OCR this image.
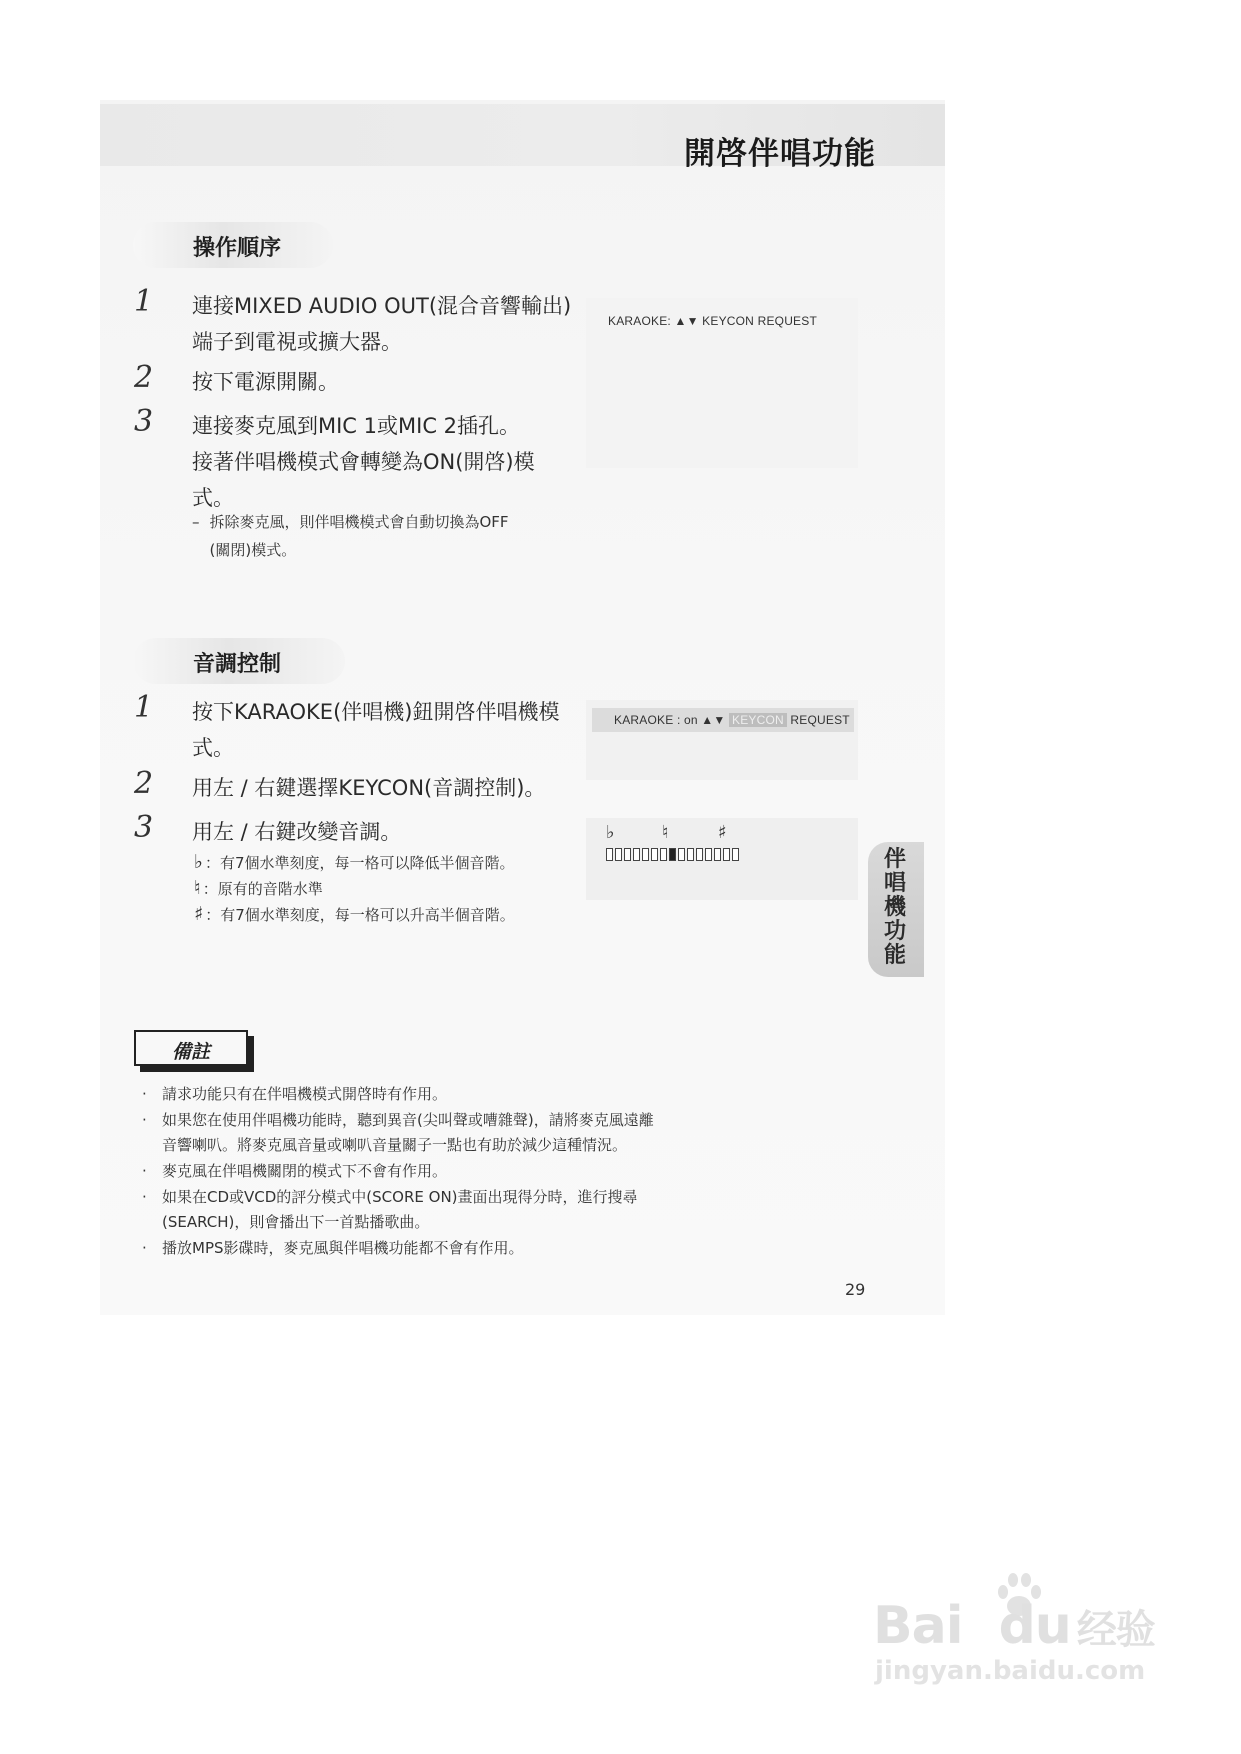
開啓伴唱功能
操作順序
1 連接MIXED AUDIO OUT(混合音響輸出)
端子到電視或擴大器。
2 按下電源開關。
3 連接麥克風到MIC 1或MIC 2插孔。
接著伴唱機模式會轉變為ON(開啓)模
式。
– 拆除麥克風，則伴唱機模式會自動切換為OFF
(關閉)模式。
KARAOKE: ▲▼ KEYCON REQUEST
音調控制
1 按下KARAOKE(伴唱機)鈕開啓伴唱機模
式。
2 用左 / 右鍵選擇KEYCON(音調控制)。
3 用左 / 右鍵改變音調。
♭ ：有7個水準刻度，每一格可以降低半個音階。
♮ ：原有的音階水準
♯ ：有7個水準刻度，每一格可以升高半個音階。
KARAOKE : on ▲▼ KEYCON REQUEST
♭	♮	♯
伴
唱
機
功
能
備註
· 請求功能只有在伴唱機模式開啓時有作用。
· 如果您在使用伴唱機功能時，聽到異音(尖叫聲或嘈雜聲)，請將麥克風遠離
音響喇叭。將麥克風音量或喇叭音量關子一點也有助於減少這種情況。
· 麥克風在伴唱機關閉的模式下不會有作用。
· 如果在CD或VCD的評分模式中(SCORE ON)畫面出現得分時，進行搜尋
(SEARCH)，則會播出下一首點播歌曲。
· 播放MPS影碟時，麥克風與伴唱機功能都不會有作用。
29
Bai du 经验
jingyan.baidu.com
